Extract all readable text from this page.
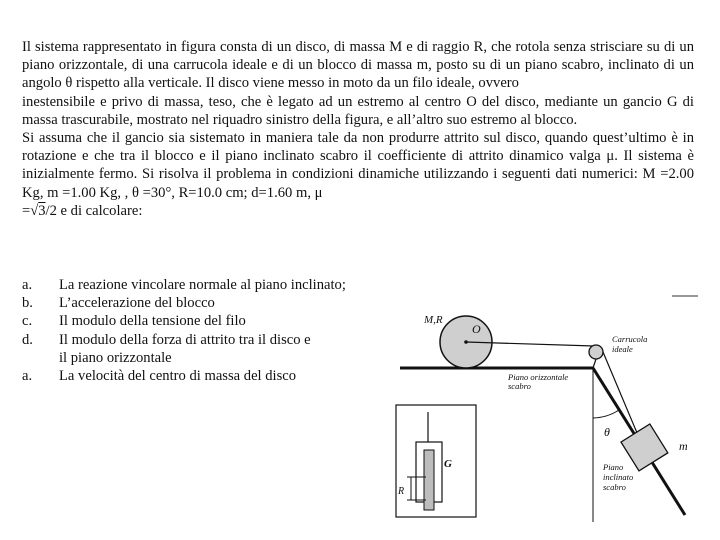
Il sistema rappresentato in figura consta di un disco, di massa M e di raggio R, che rotola senza strisciare su di un piano orizzontale, di una carrucola ideale e di un blocco di massa m, posto su di un piano scabro, inclinato di un angolo θ rispetto alla verticale. Il disco viene messo in moto da un filo ideale, ovvero

inestensibile e privo di massa, teso, che è legato ad un estremo al centro O del disco, mediante un gancio G di massa trascurabile, mostrato nel riquadro sinistro della figura, e all’altro suo estremo al blocco.

Si assuma che il gancio sia sistemato in maniera tale da non produrre attrito sul disco, quando quest’ultimo è in rotazione e che tra il blocco e il piano inclinato scabro il coefficiente di attrito dinamico valga μ. Il sistema è inizialmente fermo. Si risolva il problema in condizioni dinamiche utilizzando i seguenti dati numerici: M =2.00 Kg, m =1.00 Kg, , θ =30°, R=10.0 cm; d=1.60 m, μ

=√3/2 e di calcolare:

a.	La reazione vincolare normale al piano inclinato;
b.	L’accelerazione del blocco
c.	Il modulo della tensione del filo
d.	Il modulo della forza di attrito tra il disco e
il piano orizzontale
a.	La velocità del centro di massa del disco
M,R
O
Carrucola
ideale
Piano orizzontale
scabro
θ
m
Piano
inclinato
scabro
G
R
